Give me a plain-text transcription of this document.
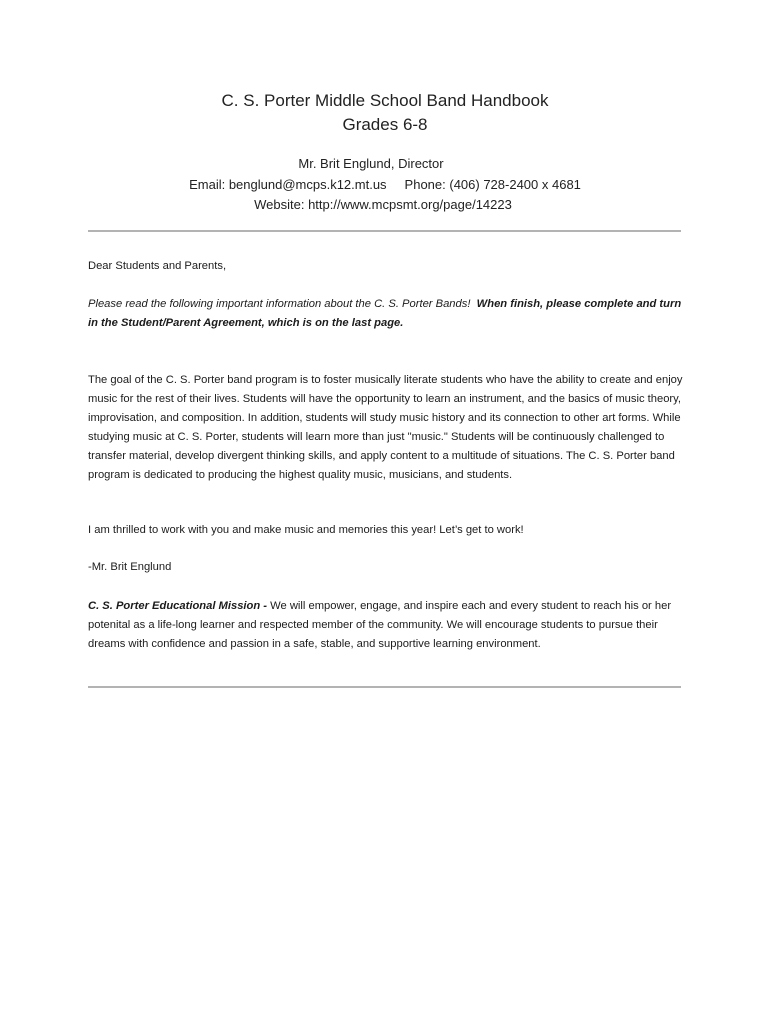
C. S. Porter Middle School Band Handbook
Grades 6-8
Mr. Brit Englund, Director
Email: benglund@mcps.k12.mt.us Phone: (406) 728-2400 x 4681
Website: http://www.mcpsmt.org/page/14223
Dear Students and Parents,
Please read the following important information about the C. S. Porter Bands! When finish, please complete and turn in the Student/Parent Agreement, which is on the last page.
The goal of the C. S. Porter band program is to foster musically literate students who have the ability to create and enjoy music for the rest of their lives. Students will have the opportunity to learn an instrument, and the basics of music theory, improvisation, and composition. In addition, students will study music history and its connection to other art forms. While studying music at C. S. Porter, students will learn more than just "music." Students will be continuously challenged to transfer material, develop divergent thinking skills, and apply content to a multitude of situations. The C. S. Porter band program is dedicated to producing the highest quality music, musicians, and students.
I am thrilled to work with you and make music and memories this year! Let’s get to work!
-Mr. Brit Englund
C. S. Porter Educational Mission - We will empower, engage, and inspire each and every student to reach his or her potenital as a life-long learner and respected member of the community. We will encourage students to pursue their dreams with confidence and passion in a safe, stable, and supportive learning environment.
